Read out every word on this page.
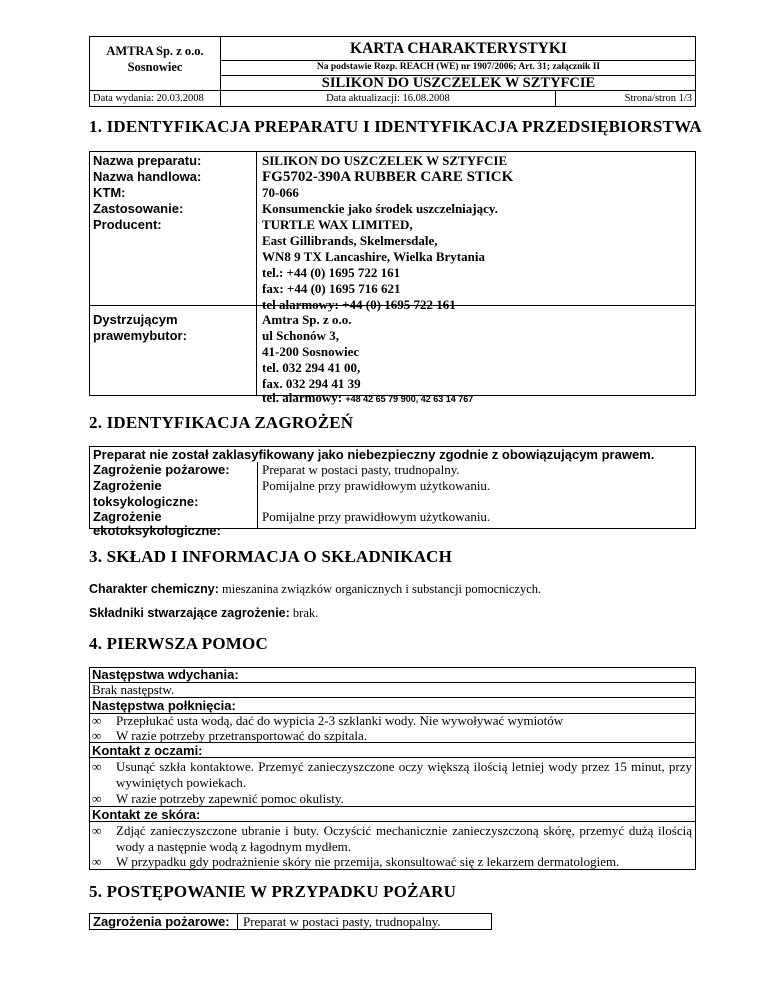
AMTRA Sp. z o.o.
Sosnowiec
KARTA CHARAKTERYSTYKI
Na podstawie Rozp. REACH (WE) nr 1907/2006; Art. 31; załącznik II
SILIKON DO USZCZELEK W SZTYFCIE
Data wydania: 20.03.2008	Data aktualizacji: 16.08.2008	Strona/stron 1/3
1. IDENTYFIKACJA PREPARATU I IDENTYFIKACJA PRZEDSIĘBIORSTWA
Nazwa preparatu:
Nazwa handlowa:
KTM:
Zastosowanie:
Producent:
Dystrzującym
prawemybutor:
SILIKON DO USZCZELEK W SZTYFCIE
FG5702-390A RUBBER CARE STICK
70-066
Konsumenckie jako środek uszczelniający.
TURTLE WAX LIMITED,
East Gillibrands, Skelmersdale,
WN8 9 TX Lancashire, Wielka Brytania
tel.: +44 (0) 1695 722 161
fax: +44 (0) 1695 716 621
tel alarmowy: +44 (0) 1695 722 161
Amtra Sp. z o.o.
ul Schonów 3,
41-200 Sosnowiec
tel. 032 294 41 00,
fax. 032 294 41 39
tel. alarmowy: +48 42 65 79 900, 42 63 14 767
2. IDENTYFIKACJA ZAGROŻEŃ
Preparat nie został zaklasyfikowany jako niebezpieczny zgodnie z obowiązującym prawem.
Zagrożenie pożarowe: Preparat w postaci pasty, trudnopalny.
Zagrożenie
toksykologiczne:
Pomijalne przy prawidłowym użytkowaniu.
Zagrożenie
ekotoksykologiczne:
Pomijalne przy prawidłowym użytkowaniu.
3. SKŁAD I INFORMACJA O SKŁADNIKACH
Charakter chemiczny: mieszanina związków organicznych i substancji pomocniczych.
Składniki stwarzające zagrożenie: brak.
4. PIERWSZA POMOC
Następstwa wdychania:
Brak następstw.
Następstwa połknięcia:
∞ Przepłukać usta wodą, dać do wypicia 2-3 szklanki wody. Nie wywoływać wymiotów
∞ W razie potrzeby przetransportować do szpitala.
Kontakt z oczami:
∞ Usunąć szkła kontaktowe. Przemyć zanieczyszczone oczy większą ilością letniej wody przez 15 minut, przy wywiniętych powiekach.
∞ W razie potrzeby zapewnić pomoc okulisty.
Kontakt ze skóra:
∞ Zdjąć zanieczyszczone ubranie i buty. Oczyścić mechanicznie zanieczyszczoną skórę, przemyć dużą ilością wody a następnie wodą z łagodnym mydłem.
∞ W przypadku gdy podrażnienie skóry nie przemija, skonsultować się z lekarzem dermatologiem.
5. POSTĘPOWANIE W PRZYPADKU POŻARU
Zagrożenia pożarowe: Preparat w postaci pasty, trudnopalny.
